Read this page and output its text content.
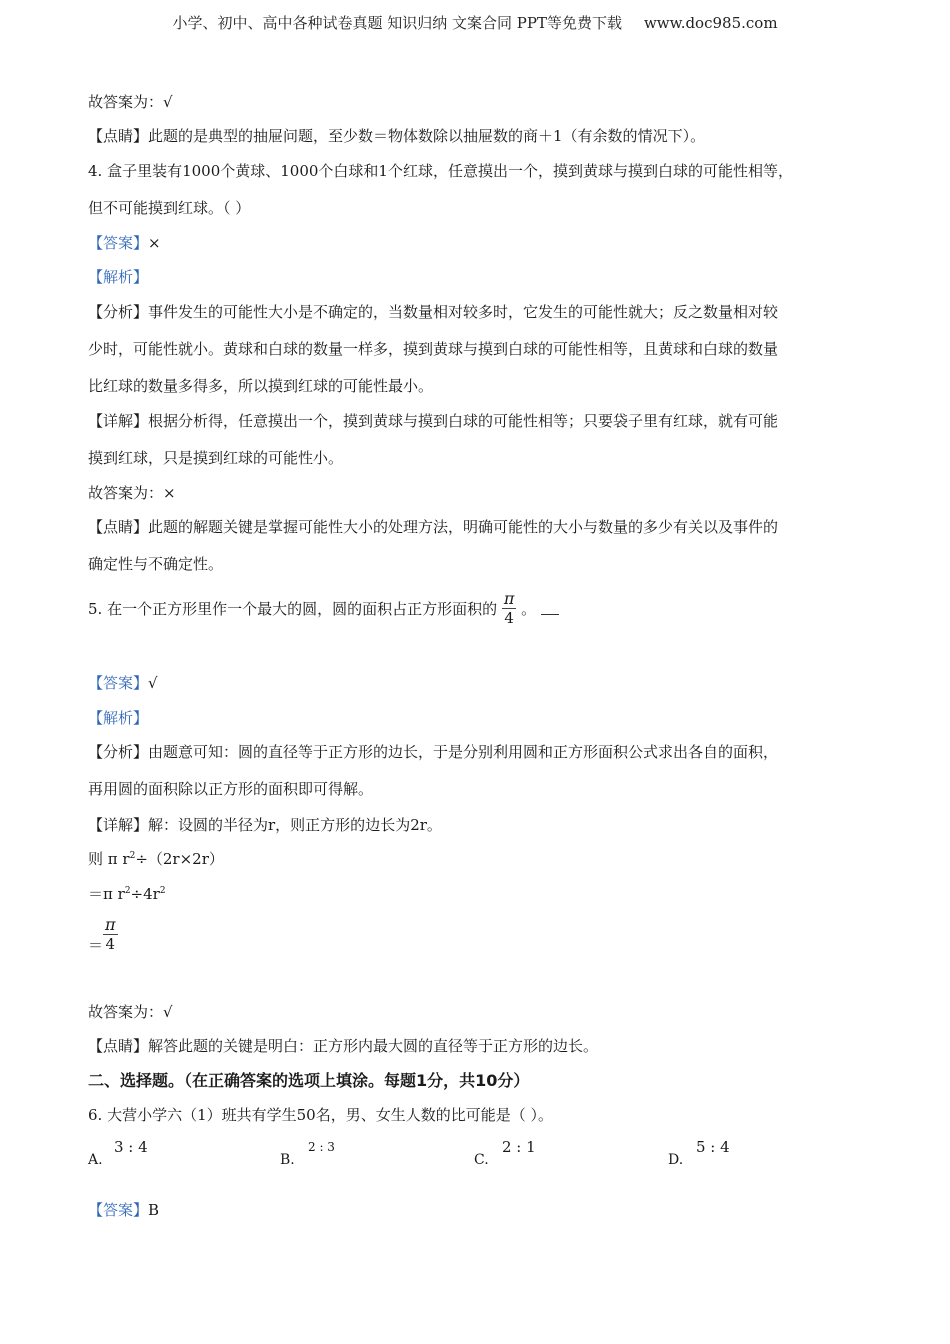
小学、初中、高中各种试卷真题 知识归纳 文案合同 PPT等免费下载 www.doc985.com
故答案为：√
【点睛】此题的是典型的抽屉问题，至少数＝物体数除以抽屉数的商＋1（有余数的情况下）。
4. 盒子里装有1000个黄球、1000个白球和1个红球，任意摸出一个，摸到黄球与摸到白球的可能性相等，
但不可能摸到红球。（ ）
【答案】×
【解析】
【分析】事件发生的可能性大小是不确定的，当数量相对较多时，它发生的可能性就大；反之数量相对较
少时，可能性就小。黄球和白球的数量一样多，摸到黄球与摸到白球的可能性相等，且黄球和白球的数量
比红球的数量多得多，所以摸到红球的可能性最小。
【详解】根据分析得，任意摸出一个，摸到黄球与摸到白球的可能性相等；只要袋子里有红球，就有可能
摸到红球，只是摸到红球的可能性小。
故答案为：×
【点睛】此题的解题关键是掌握可能性大小的处理方法，明确可能性的大小与数量的多少有关以及事件的
确定性与不确定性。
5. 在一个正方形里作一个最大的圆，圆的面积占正方形面积的 $\frac{\pi}{4}$ 。
【答案】√
【解析】
【分析】由题意可知：圆的直径等于正方形的边长，于是分别利用圆和正方形面积公式求出各自的面积，
再用圆的面积除以正方形的面积即可得解。
【详解】解：设圆的半径为r，则正方形的边长为2r。
则 π $r^2\div(2r\times 2r)$
＝π $r^2\div 4r^2$
＝ $\frac{\pi}{4}$
故答案为：√
【点睛】解答此题的关键是明白：正方形内最大圆的直径等于正方形的边长。
二、选择题。（在正确答案的选项上填涂。每题1分，共10分）
6. 大营小学六（1）班共有学生50名，男、女生人数的比可能是（ ）。
A.
3 : 4
B.
2 : 3
C.
2 : 1
D.
5 : 4
【答案】B
